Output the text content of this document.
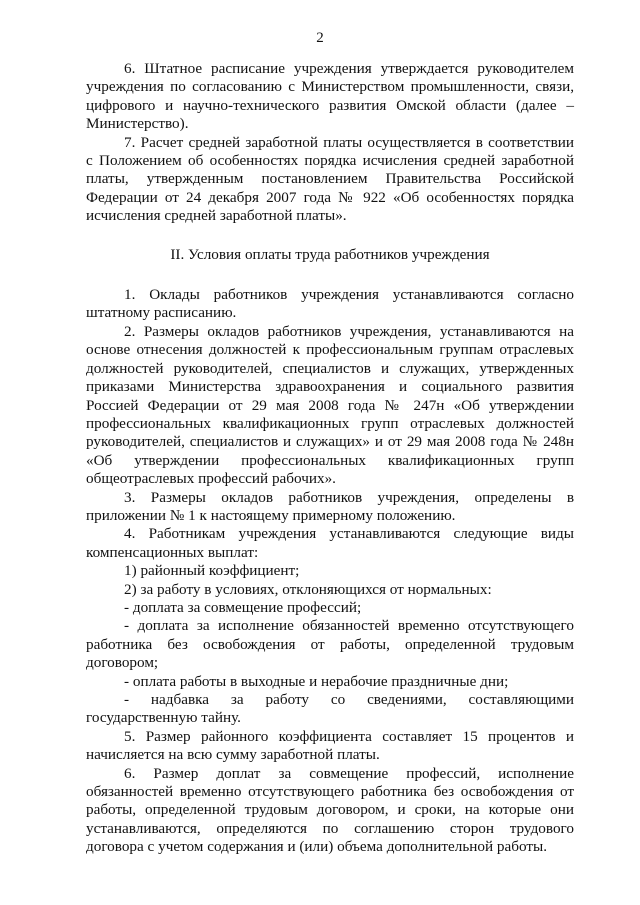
2

6. Штатное расписание учреждения утверждается руководителем учреждения по согласованию с Министерством промышленности, связи, цифрового и научно-технического развития Омской области (далее – Министерство).

7. Расчет средней заработной платы осуществляется в соответствии с Положением об особенностях порядка исчисления средней заработной платы, утвержденным постановлением Правительства Российской Федерации от 24 декабря 2007 года № 922 «Об особенностях порядка исчисления средней заработной платы».

II. Условия оплаты труда работников учреждения

1. Оклады работников учреждения устанавливаются согласно штатному расписанию.

2. Размеры окладов работников учреждения, устанавливаются на основе отнесения должностей к профессиональным группам отраслевых должностей руководителей, специалистов и служащих, утвержденных приказами Министерства здравоохранения и социального развития Россией Федерации от 29 мая 2008 года № 247н «Об утверждении профессиональных квалификационных групп отраслевых должностей руководителей, специалистов и служащих» и от 29 мая 2008 года № 248н «Об утверждении профессиональных квалификационных групп общеотраслевых профессий рабочих».

3. Размеры окладов работников учреждения, определены в приложении № 1 к настоящему примерному положению.

4. Работникам учреждения устанавливаются следующие виды компенсационных выплат:

1) районный коэффициент;

2) за работу в условиях, отклоняющихся от нормальных:

- доплата за совмещение профессий;

- доплата за исполнение обязанностей временно отсутствующего работника без освобождения от работы, определенной трудовым договором;

- оплата работы в выходные и нерабочие праздничные дни;

- надбавка за работу со сведениями, составляющими государственную тайну.

5. Размер районного коэффициента составляет 15 процентов и начисляется на всю сумму заработной платы.

6. Размер доплат за совмещение профессий, исполнение обязанностей временно отсутствующего работника без освобождения от работы, определенной трудовым договором, и сроки, на которые они устанавливаются, определяются по соглашению сторон трудового договора с учетом содержания и (или) объема дополнительной работы.
